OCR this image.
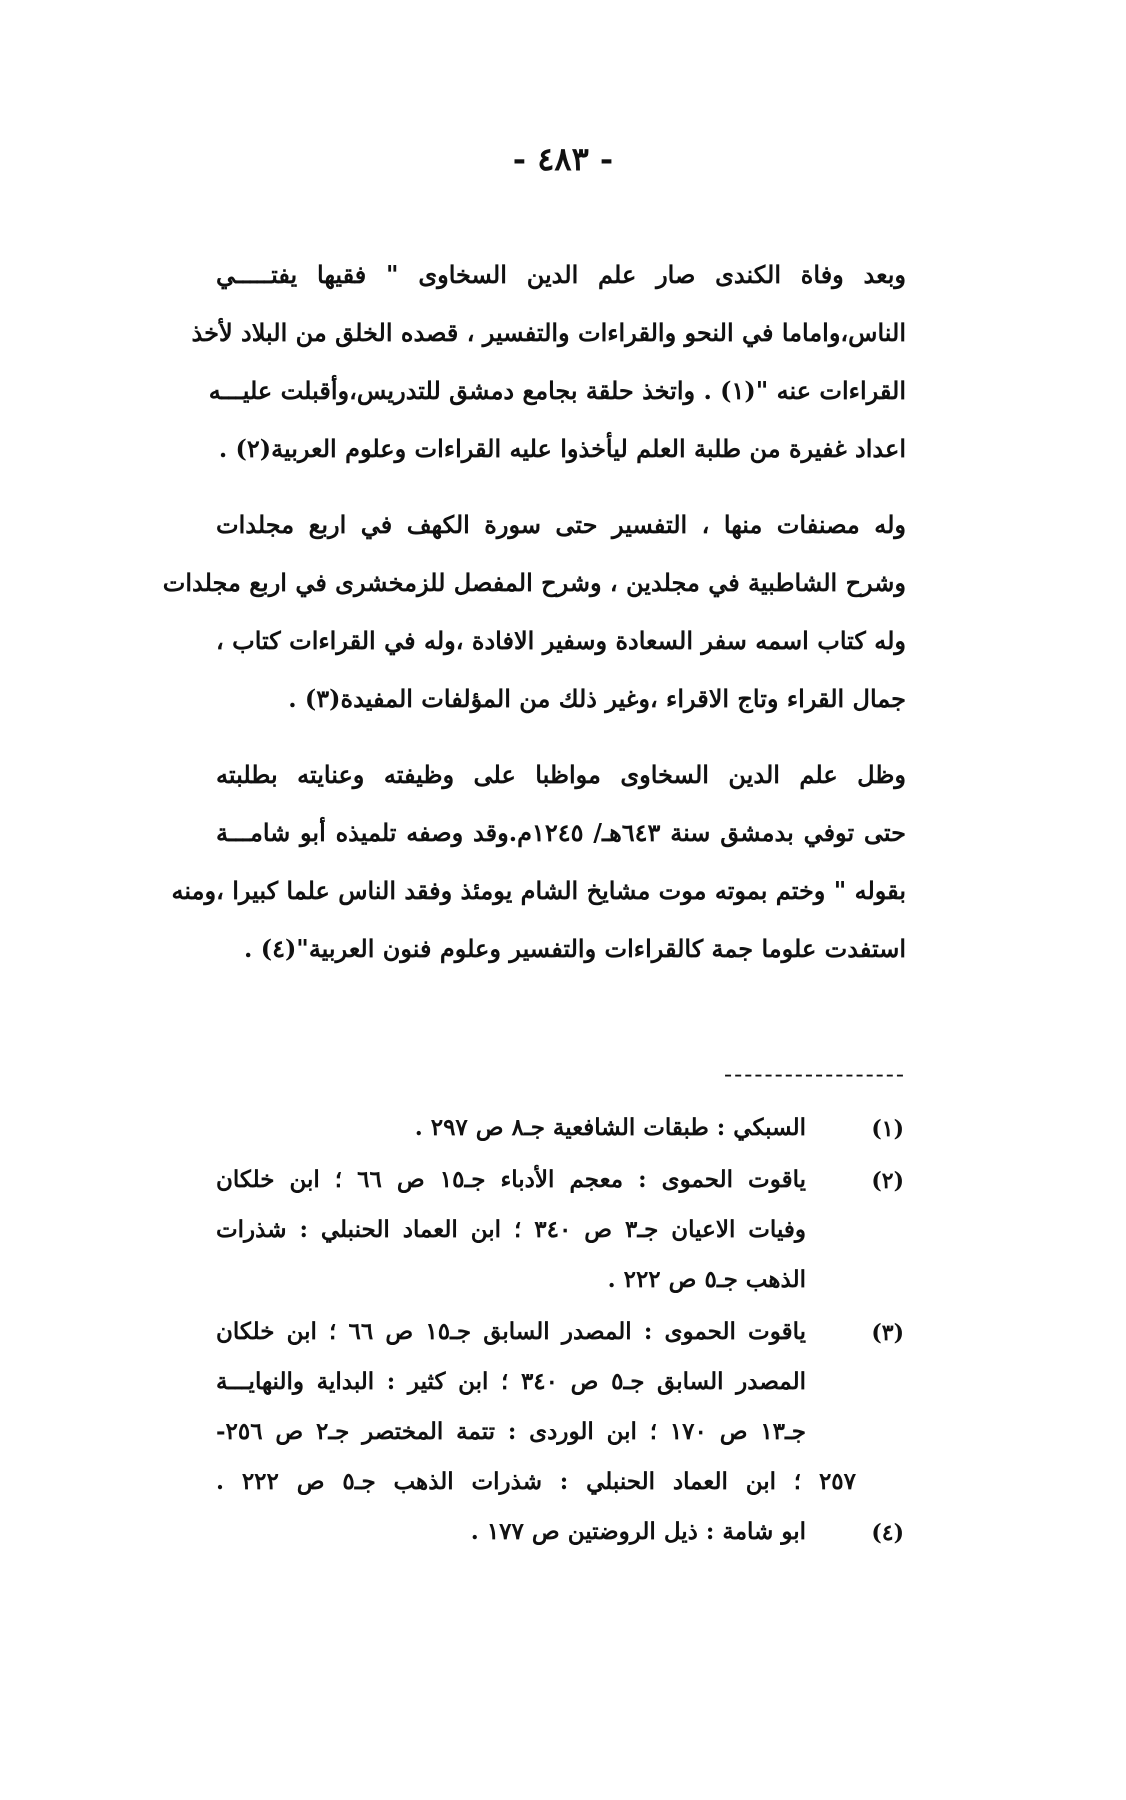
- ٤٨٣ -
وبعد وفاة الكندى صار علم الدين السخاوى " فقيها يفتـــــي
الناس،واماما في النحو والقراءات والتفسير ، قصده الخلق من البلاد لأخذ
القراءات عنه "(١) . واتخذ حلقة بجامع دمشق للتدريس،وأقبلت عليـــه
اعداد غفيرة من طلبة العلم ليأخذوا عليه القراءات وعلوم العربية(٢) .
وله مصنفات منها ، التفسير حتى سورة الكهف في اربع مجلدات
وشرح الشاطبية في مجلدين ، وشرح المفصل للزمخشرى في اربع مجلدات
وله كتاب اسمه سفر السعادة وسفير الافادة ،وله في القراءات كتاب ،
جمال القراء وتاج الاقراء ،وغير ذلك من المؤلفات المفيدة(٣) .
وظل علم الدين السخاوى مواظبا على وظيفته وعنايته بطلبته
حتى توفي بدمشق سنة ٦٤٣هـ/ ١٢٤٥م.وقد وصفه تلميذه أبو شامـــة
بقوله " وختم بموته موت مشايخ الشام يومئذ وفقد الناس علما كبيرا ،ومنه
استفدت علوما جمة كالقراءات والتفسير وعلوم فنون العربية"(٤) .
------------------
(١)
السبكي : طبقات الشافعية جـ٨ ص ٢٩٧ .
(٢)
ياقوت الحموى : معجم الأدباء جـ١٥ ص ٦٦ ؛ ابن خلكان
وفيات الاعيان جـ٣ ص ٣٤٠ ؛ ابن العماد الحنبلي : شذرات
الذهب جـ٥ ص ٢٢٢ .
(٣)
ياقوت الحموى : المصدر السابق جـ١٥ ص ٦٦ ؛ ابن خلكان
المصدر السابق جـ٥ ص ٣٤٠ ؛ ابن كثير : البداية والنهايـــة
جـ١٣ ص ١٧٠ ؛ ابن الوردى : تتمة المختصر جـ٢ ص ٢٥٦-
٢٥٧ ؛ ابن العماد الحنبلي : شذرات الذهب جـ٥ ص ٢٢٢ .
(٤)
ابو شامة : ذيل الروضتين ص ١٧٧ .
